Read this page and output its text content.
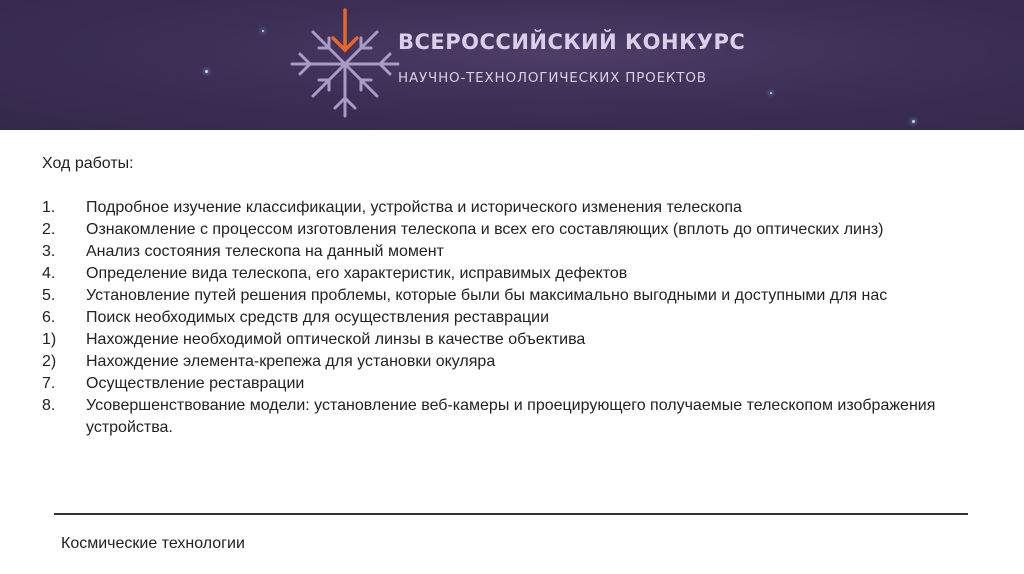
ВСЕРОССИЙСКИЙ КОНКУРС
НАУЧНО-ТЕХНОЛОГИЧЕСКИХ ПРОЕКТОВ
Ход работы:
1.	Подробное изучение классификации, устройства и исторического изменения телескопа
2.	Ознакомление с процессом изготовления телескопа и всех его составляющих (вплоть до оптических линз)
3.	Анализ состояния телескопа на данный момент
4.	Определение вида телескопа, его характеристик, исправимых дефектов
5.	Установление путей решения проблемы, которые были бы максимально выгодными и доступными для нас
6.	Поиск необходимых средств для осуществления реставрации
1)	Нахождение необходимой оптической линзы в качестве объектива
2)	Нахождение элемента-крепежа для установки окуляра
7.	Осуществление реставрации
8.	Усовершенствование модели: установление веб-камеры и проецирующего получаемые телескопом изображения устройства.
Космические технологии
